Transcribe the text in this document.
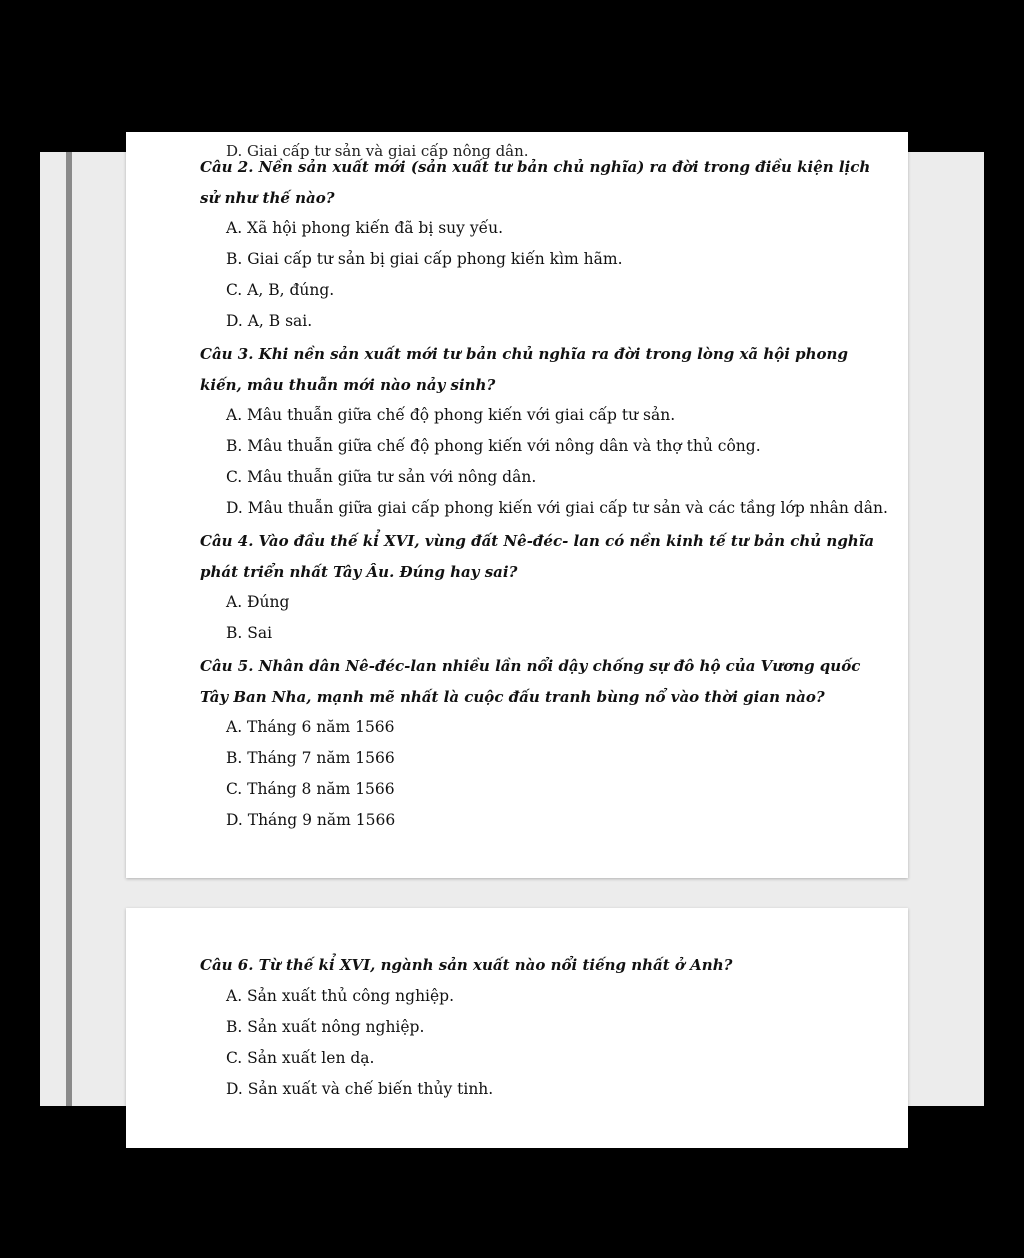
D. Giai cấp tư sản và giai cấp nông dân.

Câu 2. Nền sản xuất mới (sản xuất tư bản chủ nghĩa) ra đời trong điều kiện lịch sử như thế nào?

A. Xã hội phong kiến đã bị suy yếu.

B. Giai cấp tư sản bị giai cấp phong kiến kìm hãm.

C. A, B, đúng.

D. A, B sai.

Câu 3. Khi nền sản xuất mới tư bản chủ nghĩa ra đời trong lòng xã hội phong kiến, mâu thuẫn mới nào nảy sinh?

A. Mâu thuẫn giữa chế độ phong kiến với giai cấp tư sản.

B. Mâu thuẫn giữa chế độ phong kiến với nông dân và thợ thủ công.

C. Mâu thuẫn giữa tư sản với nông dân.

D. Mâu thuẫn giữa giai cấp phong kiến với giai cấp tư sản và các tầng lớp nhân dân.

Câu 4. Vào đầu thế kỉ XVI, vùng đất Nê-đéc- lan có nền kinh tế tư bản chủ nghĩa phát triển nhất Tây Âu. Đúng hay sai?

A. Đúng

B. Sai

Câu 5. Nhân dân Nê-đéc-lan nhiều lần nổi dậy chống sự đô hộ của Vương quốc Tây Ban Nha, mạnh mẽ nhất là cuộc đấu tranh bùng nổ vào thời gian nào?

A. Tháng 6 năm 1566

B. Tháng 7 năm 1566

C. Tháng 8 năm 1566

D. Tháng 9 năm 1566

Câu 6. Từ thế kỉ XVI, ngành sản xuất nào nổi tiếng nhất ở Anh?

A. Sản xuất thủ công nghiệp.

B. Sản xuất nông nghiệp.

C. Sản xuất len dạ.

D. Sản xuất và chế biến thủy tinh.
